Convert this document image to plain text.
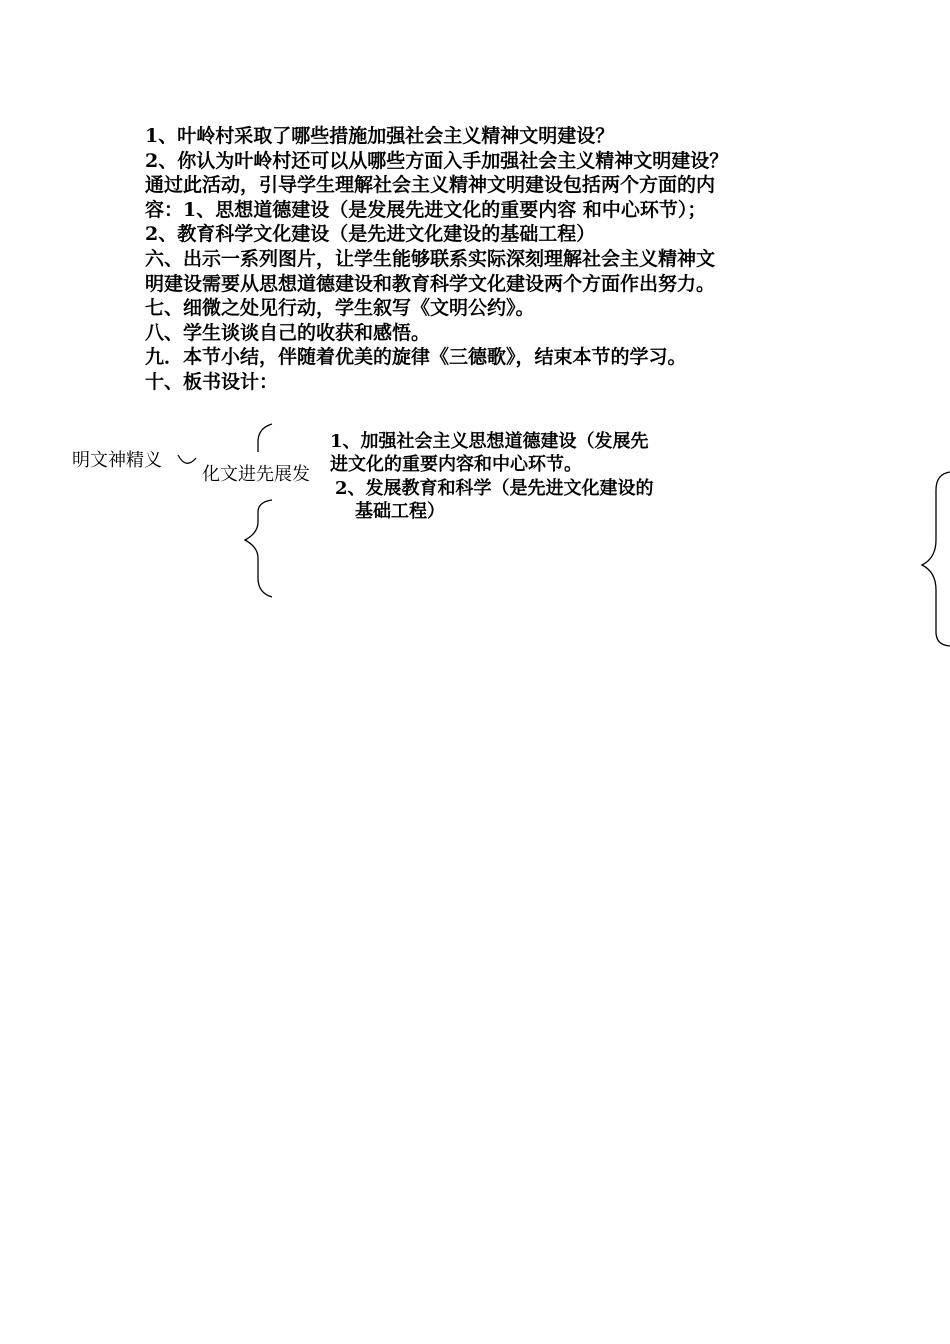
1、叶岭村采取了哪些措施加强社会主义精神文明建设？
2、你认为叶岭村还可以从哪些方面入手加强社会主义精神文明建设？
通过此活动，引导学生理解社会主义精神文明建设包括两个方面的内
容：1、思想道德建设（是发展先进文化的重要内容 和中心环节）；
2、教育科学文化建设（是先进文化建设的基础工程）
六、出示一系列图片，让学生能够联系实际深刻理解社会主义精神文
明建设需要从思想道德建设和教育科学文化建设两个方面作出努力。
七、细微之处见行动，学生叙写《文明公约》。
八、学生谈谈自己的收获和感悟。
九．本节小结，伴随着优美的旋律《三德歌》，结束本节的学习。
十、板书设计：
明文神精义
化文进先展发
1、加强社会主义思想道德建设（发展先
进文化的重要内容和中心环节。
2、发展教育和科学（是先进文化建设的
基础工程）
